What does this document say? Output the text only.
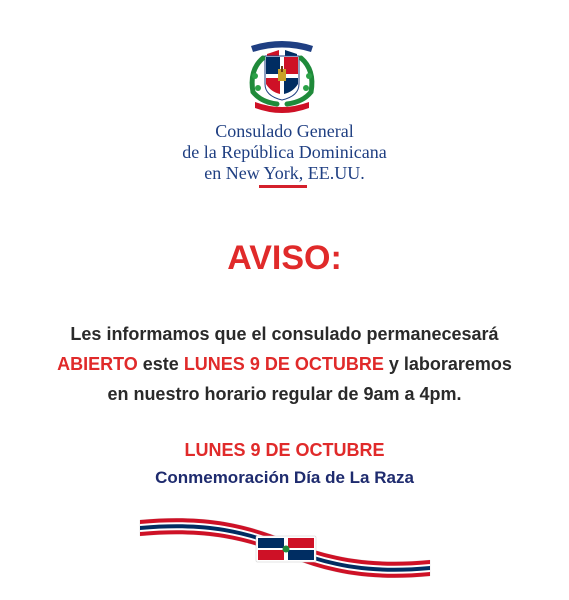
Consulado General
de la República Dominicana
en New York, EE.UU.
AVISO:
Les informamos que el consulado permanecesará
ABIERTO este LUNES 9 DE OCTUBRE y laboraremos
en nuestro horario regular de 9am a 4pm.
LUNES 9 DE OCTUBRE
Conmemoración Día de La Raza
